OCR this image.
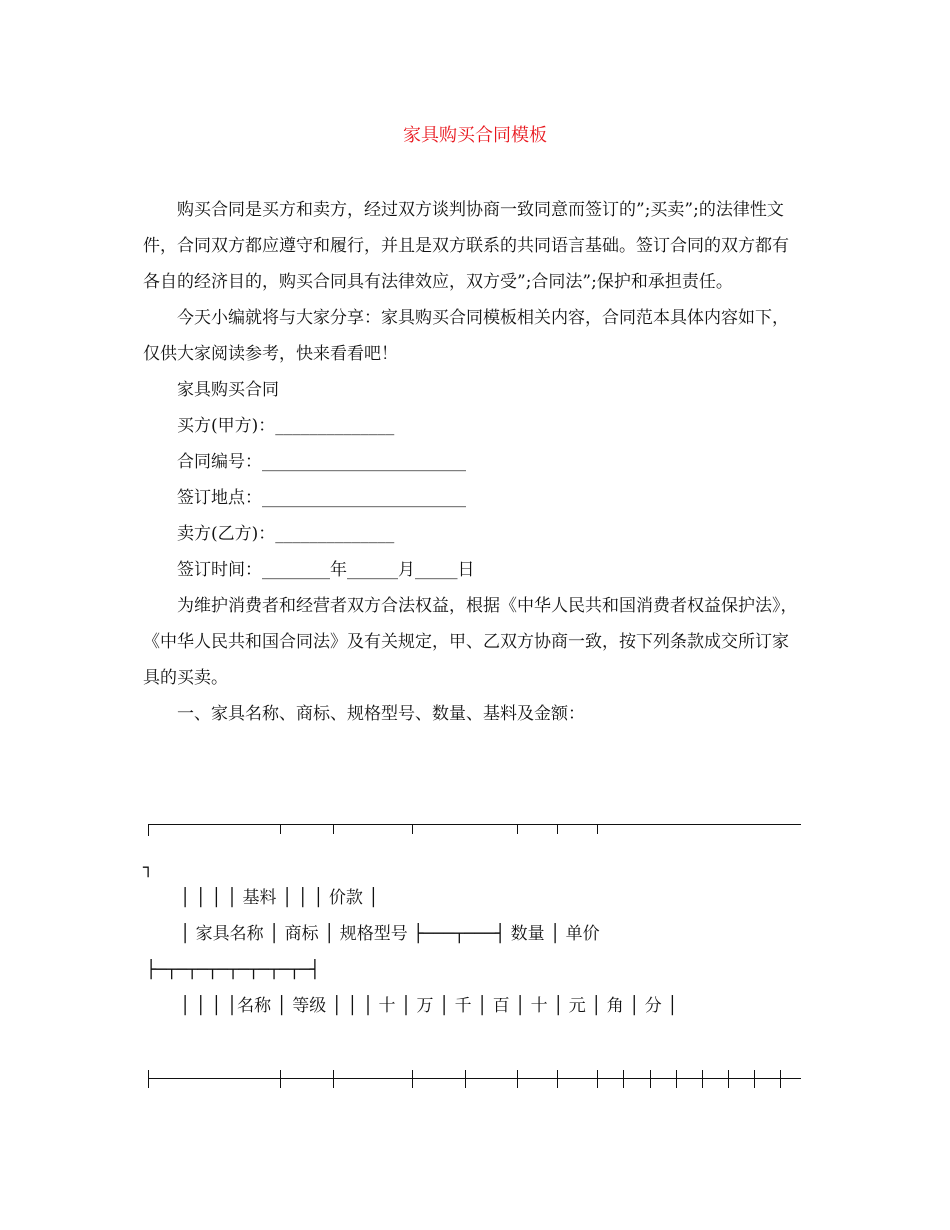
家具购买合同模板

购买合同是买方和卖方，经过双方谈判协商一致同意而签订的”;买卖”;的法律性文件，合同双方都应遵守和履行，并且是双方联系的共同语言基础。签订合同的双方都有各自的经济目的，购买合同具有法律效应，双方受”;合同法”;保护和承担责任。

今天小编就将与大家分享：家具购买合同模板相关内容，合同范本具体内容如下，仅供大家阅读参考，快来看看吧！

家具购买合同

买方(甲方)：______________

合同编号：________________________

签订地点：________________________

卖方(乙方)：______________

签订时间：________年______月_____日

为维护消费者和经营者双方合法权益，根据《中华人民共和国消费者权益保护法》，《中华人民共和国合同法》及有关规定，甲、乙双方协商一致，按下列条款成交所订家具的买卖。

一、家具名称、商标、规格型号、数量、基料及金额：

┐
│ │ │ │ 基料 │ │ │ 价款 │
│ 家具名称 │ 商标 │ 规格型号 ├───┬───┤ 数量 │ 单价
├─┬─┬─┬─┬─┬─┬─┬─┤
│ │ │ │名称 │ 等级 │ │ │ 十 │ 万 │ 千 │ 百 │ 十 │ 元 │ 角 │ 分 │
